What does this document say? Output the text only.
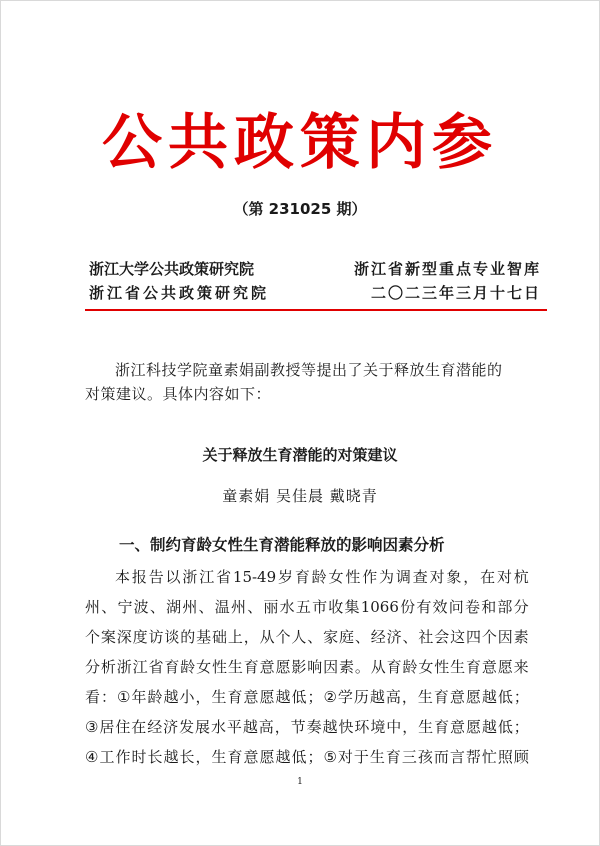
公共政策内参
（第 231025 期）
浙江大学公共政策研究院	浙江省新型重点专业智库
浙江省公共政策研究院	二〇二三年三月十七日
浙江科技学院童素娟副教授等提出了关于释放生育潜能的
对策建议。具体内容如下：
关于释放生育潜能的对策建议
童素娟 吴佳晨 戴晓青
一、制约育龄女性生育潜能释放的影响因素分析
本 报 告 以 浙 江 省 15-49 岁 育 龄 女 性 作 为 调 查 对 象 ， 在 对 杭
州 、 宁 波 、 湖 州 、 温 州 、 丽 水 五 市 收 集 1066 份 有 效 问 卷 和 部 分
个 案 深 度 访 谈 的 基 础 上 ， 从 个 人 、 家 庭 、 经 济 、 社 会 这 四 个 因 素
分 析 浙 江 省 育 龄 女 性 生 育 意 愿 影 响 因 素 。 从 育 龄 女 性 生 育 意 愿 来
看 ： ① 年 龄 越 小 ， 生 育 意 愿 越 低 ； ② 学 历 越 高 ， 生 育 意 愿 越 低 ；
③ 居 住 在 经 济 发 展 水 平 越 高 ， 节 奏 越 快 环 境 中 ， 生 育 意 愿 越 低 ；
④ 工 作 时 长 越 长 ， 生 育 意 愿 越 低 ； ⑤ 对 于 生 育 三 孩 而 言 帮 忙 照 顾
1
